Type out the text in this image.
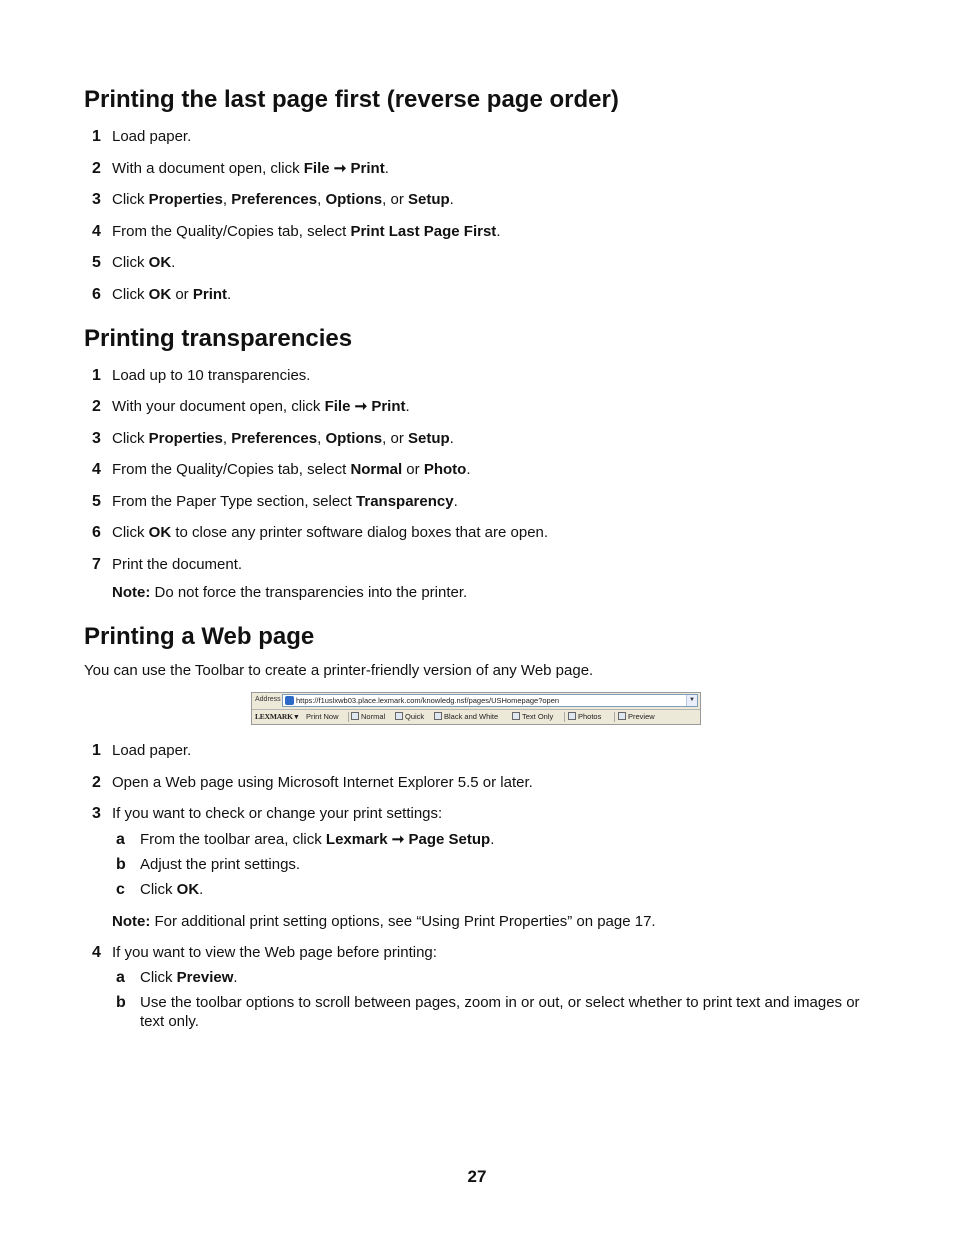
Printing the last page first (reverse page order)
1 Load paper.
2 With a document open, click File ➞ Print.
3 Click Properties, Preferences, Options, or Setup.
4 From the Quality/Copies tab, select Print Last Page First.
5 Click OK.
6 Click OK or Print.
Printing transparencies
1 Load up to 10 transparencies.
2 With your document open, click File ➞ Print.
3 Click Properties, Preferences, Options, or Setup.
4 From the Quality/Copies tab, select Normal or Photo.
5 From the Paper Type section, select Transparency.
6 Click OK to close any printer software dialog boxes that are open.
7 Print the document.
Note: Do not force the transparencies into the printer.
Printing a Web page
You can use the Toolbar to create a printer-friendly version of any Web page.
Address https://f1uslxwb03.place.lexmark.com/knowledg.nsf/pages/USHomepage?open	▼
LEXMARK ▾ Print Now	Normal	Quick	Black and White	Text Only	Photos	Preview
1 Load paper.
2 Open a Web page using Microsoft Internet Explorer 5.5 or later.
3 If you want to check or change your print settings:
a From the toolbar area, click Lexmark ➞ Page Setup.
b Adjust the print settings.
c Click OK.
Note: For additional print setting options, see “Using Print Properties” on page 17.
4 If you want to view the Web page before printing:
a Click Preview.
b Use the toolbar options to scroll between pages, zoom in or out, or select whether to print text and images or text only.
27
